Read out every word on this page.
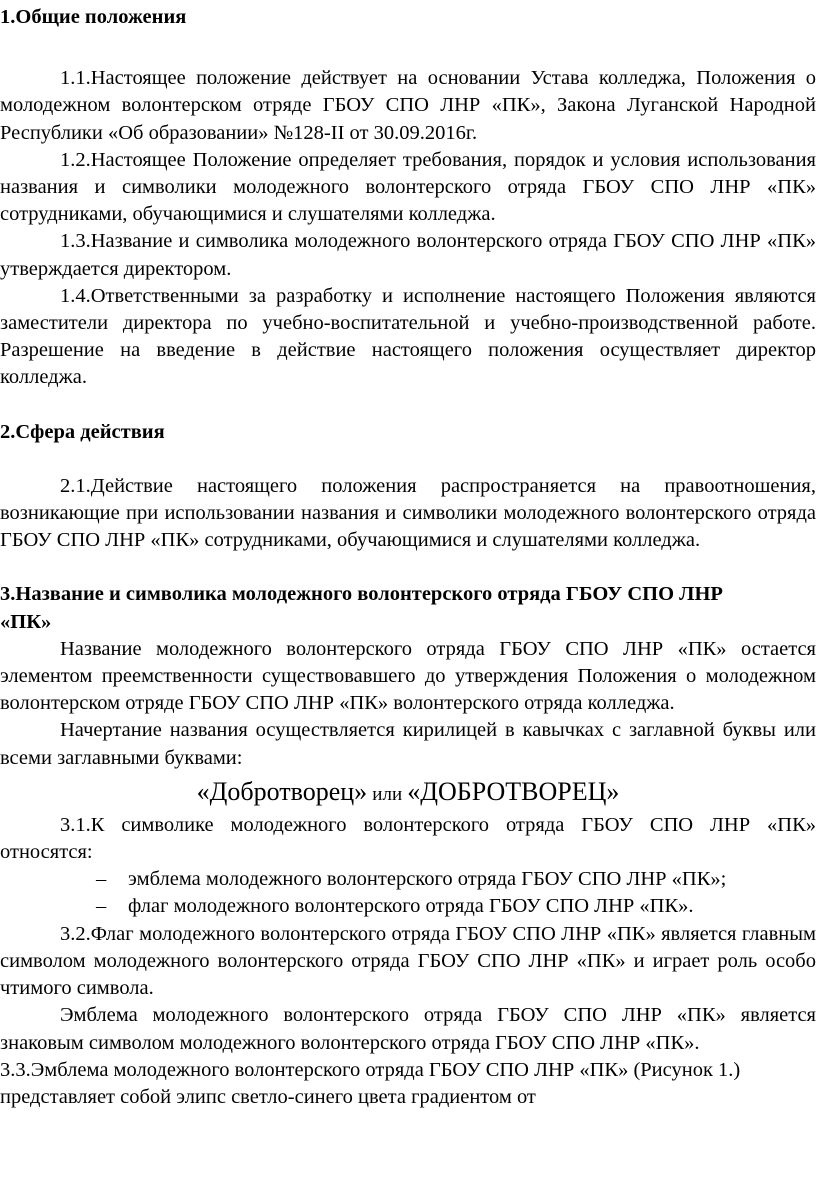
1.Общие положения

1.1.Настоящее положение действует на основании Устава колледжа, Положения о молодежном волонтерском отряде ГБОУ СПО ЛНР «ПК», Закона Луганской Народной Республики «Об образовании» №128-II от 30.09.2016г.

1.2.Настоящее Положение определяет требования, порядок и условия использования названия и символики молодежного волонтерского отряда ГБОУ СПО ЛНР «ПК» сотрудниками, обучающимися и слушателями колледжа.

1.3.Название и символика молодежного волонтерского отряда ГБОУ СПО ЛНР «ПК» утверждается директором.

1.4.Ответственными за разработку и исполнение настоящего Положения являются заместители директора по учебно-воспитательной и учебно-производственной работе. Разрешение на введение в действие настоящего положения осуществляет директор колледжа.

2.Сфера действия

2.1.Действие настоящего положения распространяется на правоотношения, возникающие при использовании названия и символики молодежного волонтерского отряда ГБОУ СПО ЛНР «ПК» сотрудниками, обучающимися и слушателями колледжа.

3.Название и символика молодежного волонтерского отряда ГБОУ СПО ЛНР «ПК»

Название молодежного волонтерского отряда ГБОУ СПО ЛНР «ПК» остается элементом преемственности существовавшего до утверждения Положения о молодежном волонтерском отряде ГБОУ СПО ЛНР «ПК» волонтерского отряда колледжа.

Начертание названия осуществляется кирилицей в кавычках с заглавной буквы или всеми заглавными буквами:

«Добротворец» или «ДОБРОТВОРЕЦ»

3.1.К символике молодежного волонтерского отряда ГБОУ СПО ЛНР «ПК» относятся:

– эмблема молодежного волонтерского отряда ГБОУ СПО ЛНР «ПК»;
– флаг молодежного волонтерского отряда ГБОУ СПО ЛНР «ПК».

3.2.Флаг молодежного волонтерского отряда ГБОУ СПО ЛНР «ПК» является главным символом молодежного волонтерского отряда ГБОУ СПО ЛНР «ПК» и играет роль особо чтимого символа.

Эмблема молодежного волонтерского отряда ГБОУ СПО ЛНР «ПК» является знаковым символом молодежного волонтерского отряда ГБОУ СПО ЛНР «ПК».

3.3.Эмблема молодежного волонтерского отряда ГБОУ СПО ЛНР «ПК» (Рисунок 1.) представляет собой элипс светло-синего цвета градиентом от
